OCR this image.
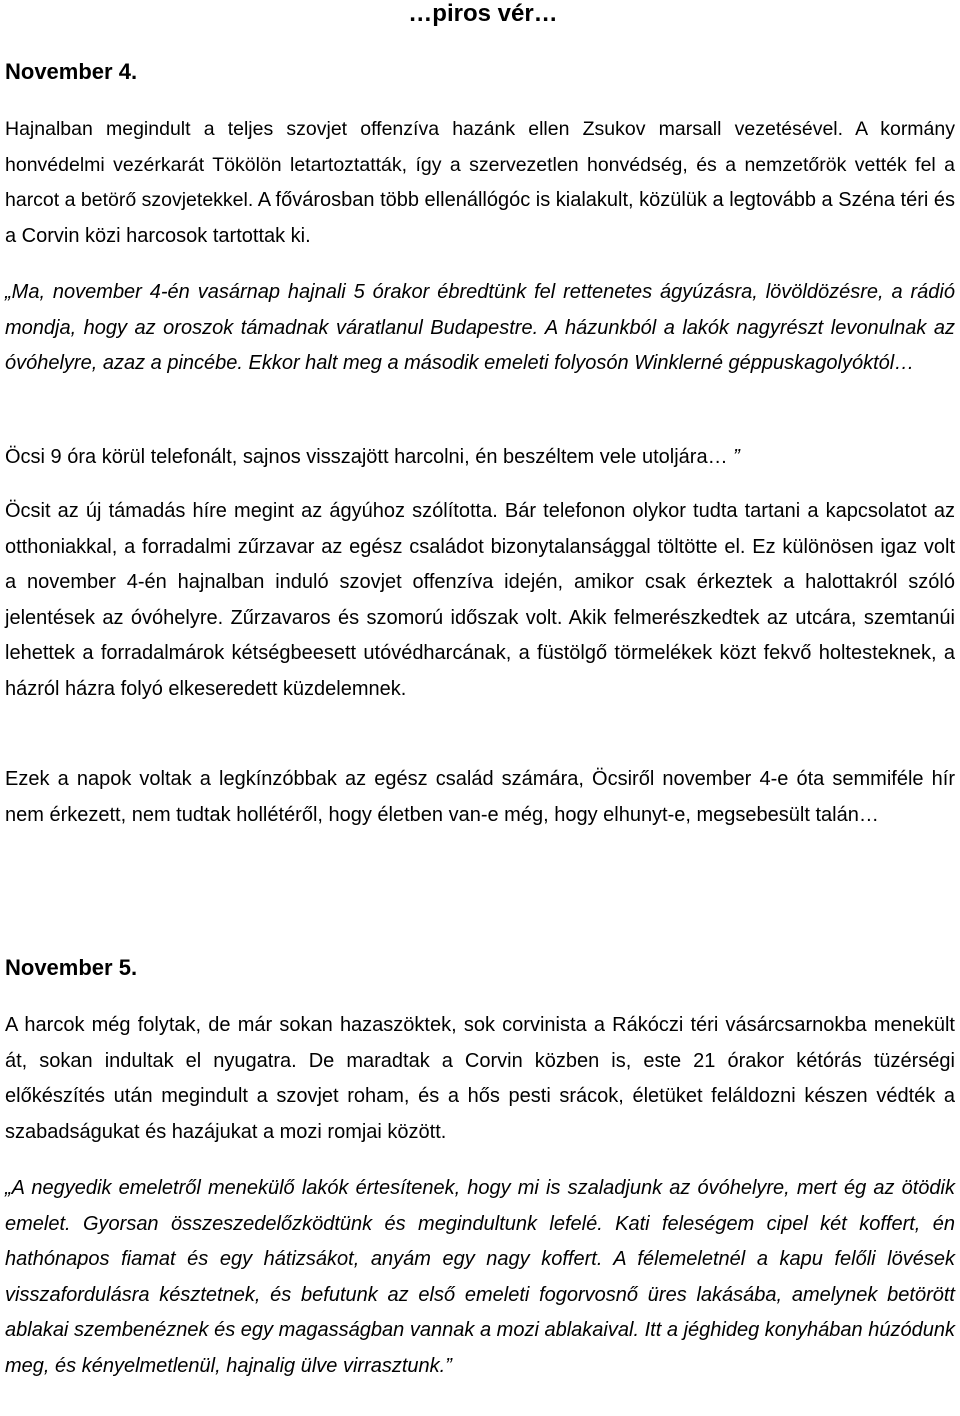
…piros vér…
November 4.

Hajnalban megindult a teljes szovjet offenzíva hazánk ellen Zsukov marsall vezetésével. A kormány honvédelmi vezérkarát Tökölön letartoztatták, így a szervezetlen honvédség, és a nemzetőrök vették fel a harcot a betörő szovjetekkel. A fővárosban több ellenállógóc is kialakult, közülük a legtovább a Széna téri és a Corvin közi harcosok tartottak ki.

„Ma, november 4-én vasárnap hajnali 5 órakor ébredtünk fel rettenetes ágyúzásra, lövöldözésre, a rádió mondja, hogy az oroszok támadnak váratlanul Budapestre. A házunkból a lakók nagyrészt levonulnak az óvóhelyre, azaz a pincébe. Ekkor halt meg a második emeleti folyosón Winklerné géppuskagolyóktól…

Öcsi 9 óra körül telefonált, sajnos visszajött harcolni, én beszéltem vele utoljára… ”

Öcsit az új támadás híre megint az ágyúhoz szólította. Bár telefonon olykor tudta tartani a kapcsolatot az otthoniakkal, a forradalmi zűrzavar az egész családot bizonytalansággal töltötte el. Ez különösen igaz volt a november 4-én hajnalban induló szovjet offenzíva idején, amikor csak érkeztek a halottakról szóló jelentések az óvóhelyre. Zűrzavaros és szomorú időszak volt. Akik felmerészkedtek az utcára, szemtanúi lehettek a forradalmárok kétségbeesett utóvédharcának, a füstölgő törmelékek közt fekvő holtesteknek, a házról házra folyó elkeseredett küzdelemnek.

Ezek a napok voltak a legkínzóbbak az egész család számára, Öcsiről november 4-e óta semmiféle hír nem érkezett, nem tudtak hollétéről, hogy életben van-e még, hogy elhunyt-e, megsebesült talán…

November 5.

A harcok még folytak, de már sokan hazaszöktek, sok corvinista a Rákóczi téri vásárcsarnokba menekült át, sokan indultak el nyugatra. De maradtak a Corvin közben is, este 21 órakor kétórás tüzérségi előkészítés után megindult a szovjet roham, és a hős pesti srácok, életüket feláldozni készen védték a szabadságukat és hazájukat a mozi romjai között.

„A negyedik emeletről menekülő lakók értesítenek, hogy mi is szaladjunk az óvóhelyre, mert ég az ötödik emelet. Gyorsan összeszedelőzködtünk és megindultunk lefelé. Kati feleségem cipel két koffert, én hathónapos fiamat és egy hátizsákot, anyám egy nagy koffert. A félemeletnél a kapu felőli lövések visszafordulásra késztetnek, és befutunk az első emeleti fogorvosnő üres lakásába, amelynek betörött ablakai szembenéznek és egy magasságban vannak a mozi ablakaival. Itt a jéghideg konyhában húzódunk meg, és kényelmetlenül, hajnalig ülve virrasztunk.”
